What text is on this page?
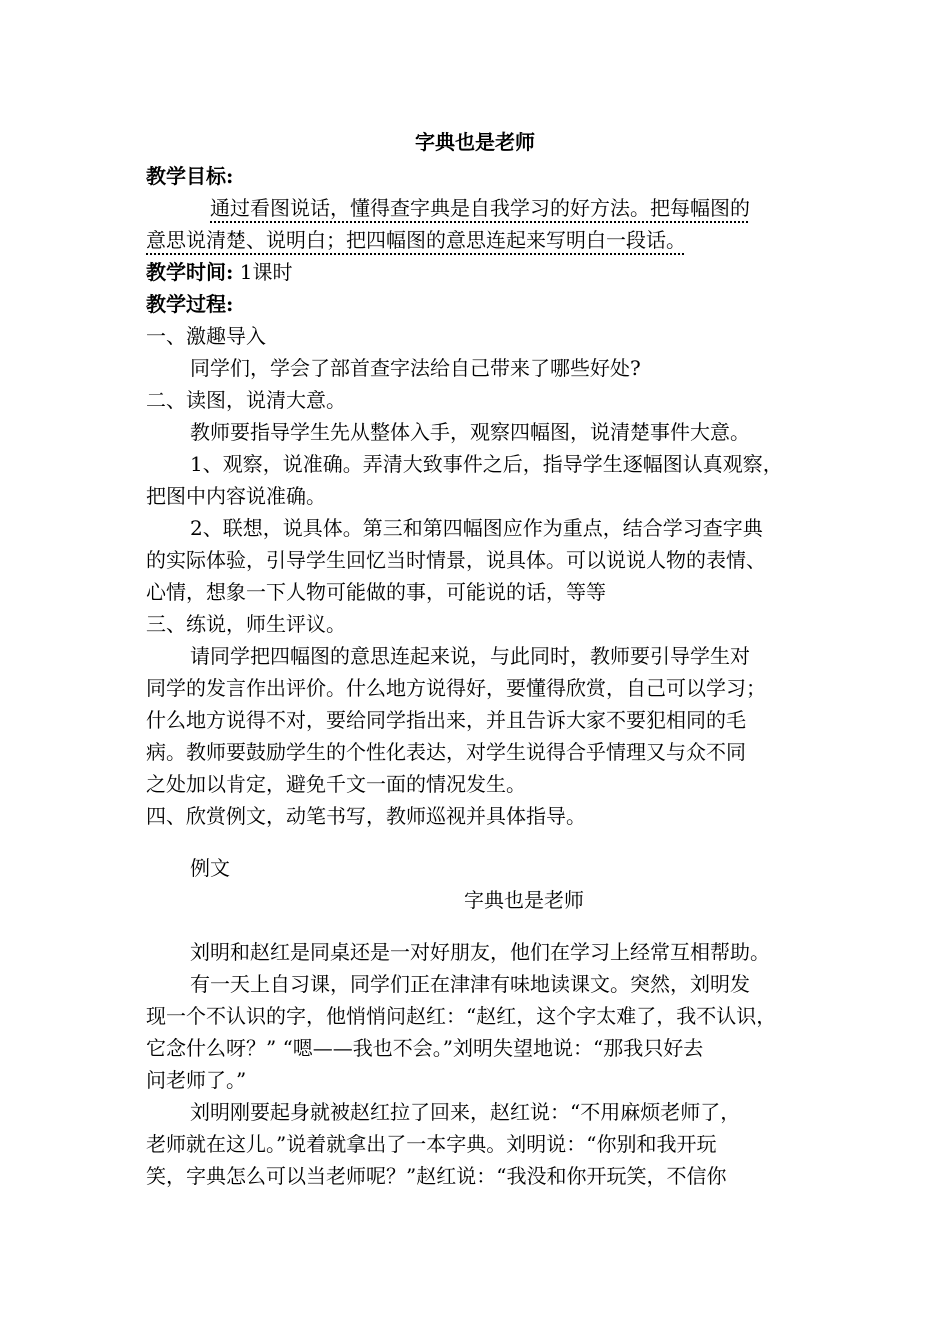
字典也是老师
教学目标:
通过看图说话，懂得查字典是自我学习的好方法。把每幅图的
意思说清楚、说明白；把四幅图的意思连起来写明白一段话。
教学时间: 1课时
教学过程:
一、激趣导入
同学们，学会了部首查字法给自己带来了哪些好处?
二、读图，说清大意。
教师要指导学生先从整体入手，观察四幅图，说清楚事件大意。
1、观察，说准确。弄清大致事件之后，指导学生逐幅图认真观察，
把图中内容说准确。
2、联想，说具体。第三和第四幅图应作为重点，结合学习查字典
的实际体验，引导学生回忆当时情景，说具体。可以说说人物的表情、
心情，想象一下人物可能做的事，可能说的话，等等
三、练说，师生评议。
请同学把四幅图的意思连起来说，与此同时，教师要引导学生对
同学的发言作出评价。什么地方说得好，要懂得欣赏，自己可以学习；
什么地方说得不对，要给同学指出来，并且告诉大家不要犯相同的毛
病。教师要鼓励学生的个性化表达，对学生说得合乎情理又与众不同
之处加以肯定，避免千文一面的情况发生。
四、欣赏例文，动笔书写，教师巡视并具体指导。
例文
字典也是老师
刘明和赵红是同桌还是一对好朋友，他们在学习上经常互相帮助。
有一天上自习课，同学们正在津津有味地读课文。突然，刘明发
现一个不认识的字，他悄悄问赵红：“赵红，这个字太难了，我不认识，
它念什么呀？” “嗯——我也不会。”刘明失望地说：“那我只好去
问老师了。”
刘明刚要起身就被赵红拉了回来，赵红说：“不用麻烦老师了，
老师就在这儿。”说着就拿出了一本字典。刘明说：“你别和我开玩
笑，字典怎么可以当老师呢？”赵红说：“我没和你开玩笑，不信你
